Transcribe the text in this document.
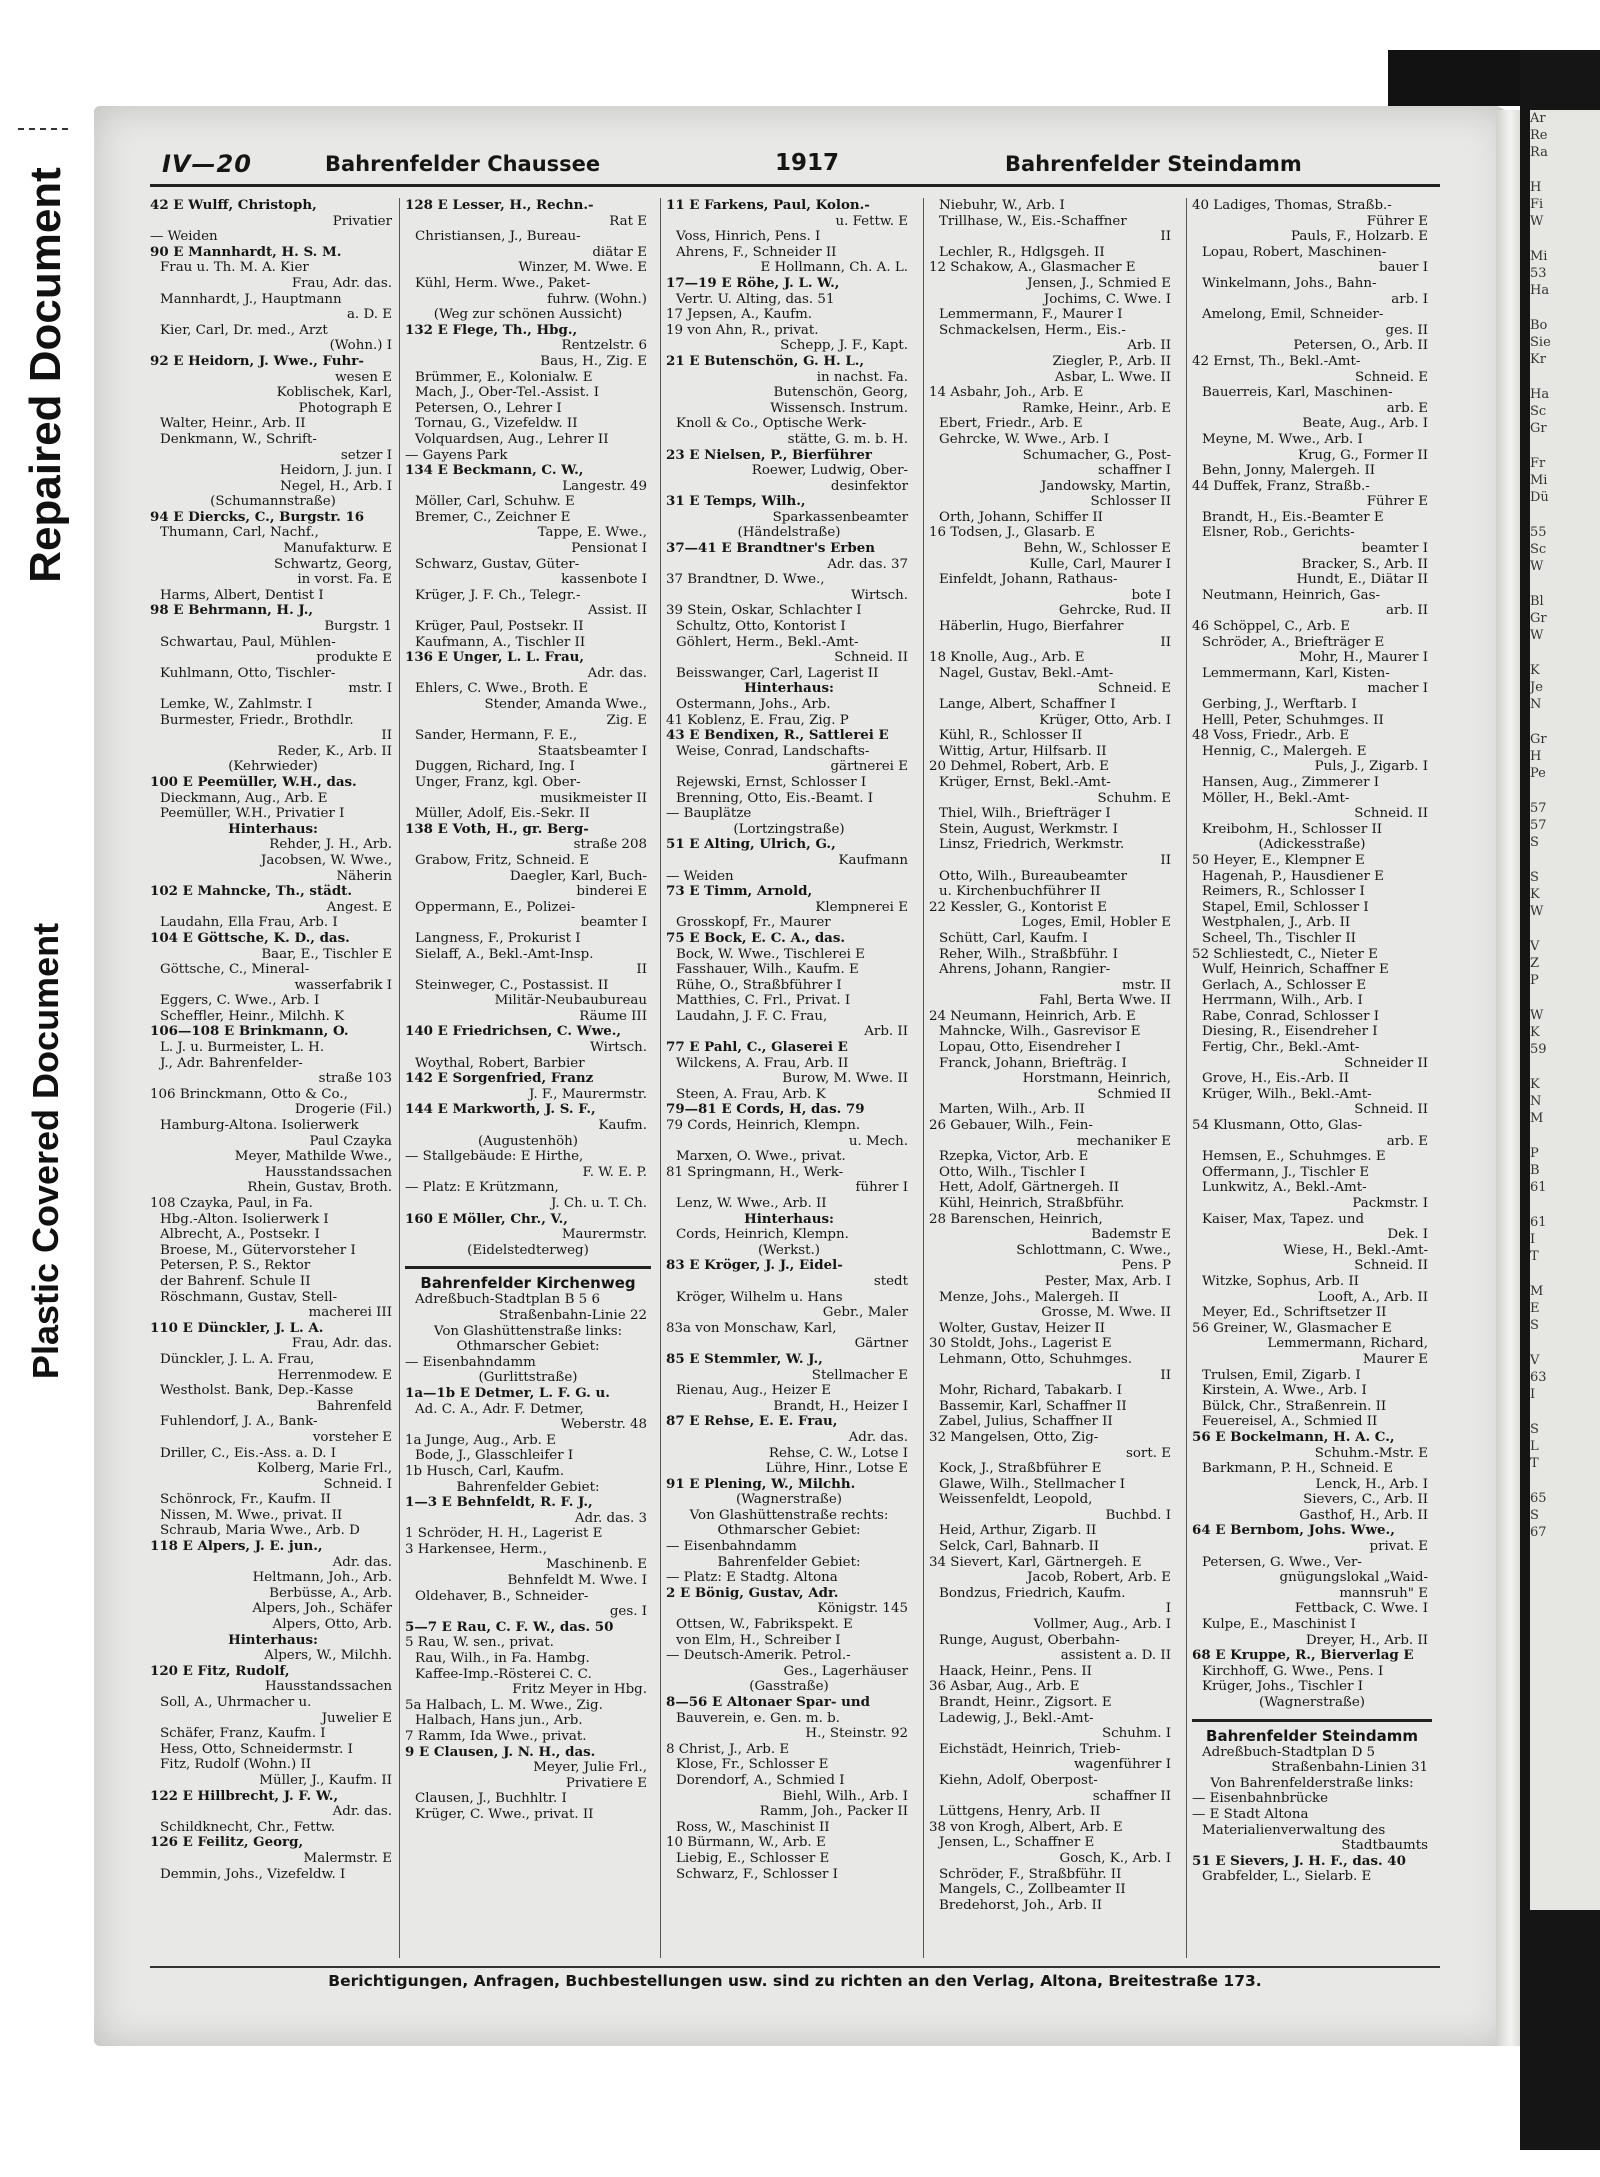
Repaired Document
Plastic Covered Document
Ar
Re
Ra
H
Fi
W
Mi
53
Ha
Bo
Sie
Kr
Ha
Sc
Gr
Fr
Mi
Dü
55
Sc
W
Bl
Gr
W
K
Je
N
Gr
H
Pe
57
57
S
S
K
W
V
Z
P
W
K
59
K
N
M
P
B
61
61
I
T
M
E
S
V
63
I
S
L
T
65
S
67
IV—20	Bahrenfelder Chaussee	1917	Bahrenfelder Steindamm
42 E Wulff, Christoph,
Privatier
— Weiden
90 E Mannhardt, H. S. M.
Frau u. Th. M. A. Kier
Frau, Adr. das.
Mannhardt, J., Hauptmann
a. D. E
Kier, Carl, Dr. med., Arzt
(Wohn.) I
92 E Heidorn, J. Wwe., Fuhr-
wesen E
Koblischek, Karl,
Photograph E
Walter, Heinr., Arb. II
Denkmann, W., Schrift-
setzer I
Heidorn, J. jun. I
Negel, H., Arb. I
(Schumannstraße)
94 E Diercks, C., Burgstr. 16
Thumann, Carl, Nachf.,
Manufakturw. E
Schwartz, Georg,
in vorst. Fa. E
Harms, Albert, Dentist I
98 E Behrmann, H. J.,
Burgstr. 1
Schwartau, Paul, Mühlen-
produkte E
Kuhlmann, Otto, Tischler-
mstr. I
Lemke, W., Zahlmstr. I
Burmester, Friedr., Brothdlr.
II
Reder, K., Arb. II
(Kehrwieder)
100 E Peemüller, W.H., das.
Dieckmann, Aug., Arb. E
Peemüller, W.H., Privatier I
Hinterhaus:
Rehder, J. H., Arb.
Jacobsen, W. Wwe.,
Näherin
102 E Mahncke, Th., städt.
Angest. E
Laudahn, Ella Frau, Arb. I
104 E Göttsche, K. D., das.
Baar, E., Tischler E
Göttsche, C., Mineral-
wasserfabrik I
Eggers, C. Wwe., Arb. I
Scheffler, Heinr., Milchh. K
106—108 E Brinkmann, O.
L. J. u. Burmeister, L. H.
J., Adr. Bahrenfelder-
straße 103
106 Brinckmann, Otto & Co.,
Drogerie (Fil.)
Hamburg-Altona. Isolierwerk
Paul Czayka
Meyer, Mathilde Wwe.,
Hausstandssachen
Rhein, Gustav, Broth.
108 Czayka, Paul, in Fa.
Hbg.-Alton. Isolierwerk I
Albrecht, A., Postsekr. I
Broese, M., Gütervorsteher I
Petersen, P. S., Rektor
der Bahrenf. Schule II
Röschmann, Gustav, Stell-
macherei III
110 E Dünckler, J. L. A.
Frau, Adr. das.
Dünckler, J. L. A. Frau,
Herrenmodew. E
Westholst. Bank, Dep.-Kasse
Bahrenfeld
Fuhlendorf, J. A., Bank-
vorsteher E
Driller, C., Eis.-Ass. a. D. I
Kolberg, Marie Frl.,
Schneid. I
Schönrock, Fr., Kaufm. II
Nissen, M. Wwe., privat. II
Schraub, Maria Wwe., Arb. D
118 E Alpers, J. E. jun.,
Adr. das.
Heltmann, Joh., Arb.
Berbüsse, A., Arb.
Alpers, Joh., Schäfer
Alpers, Otto, Arb.
Hinterhaus:
Alpers, W., Milchh.
120 E Fitz, Rudolf,
Hausstandssachen
Soll, A., Uhrmacher u.
Juwelier E
Schäfer, Franz, Kaufm. I
Hess, Otto, Schneidermstr. I
Fitz, Rudolf (Wohn.) II
Müller, J., Kaufm. II
122 E Hillbrecht, J. F. W.,
Adr. das.
Schildknecht, Chr., Fettw.
126 E Feilitz, Georg,
Malermstr. E
Demmin, Johs., Vizefeldw. I
128 E Lesser, H., Rechn.-
Rat E
Christiansen, J., Bureau-
diätar E
Winzer, M. Wwe. E
Kühl, Herm. Wwe., Paket-
fuhrw. (Wohn.)
(Weg zur schönen Aussicht)
132 E Flege, Th., Hbg.,
Rentzelstr. 6
Baus, H., Zig. E
Brümmer, E., Kolonialw. E
Mach, J., Ober-Tel.-Assist. I
Petersen, O., Lehrer I
Tornau, G., Vizefeldw. II
Volquardsen, Aug., Lehrer II
— Gayens Park
134 E Beckmann, C. W.,
Langestr. 49
Möller, Carl, Schuhw. E
Bremer, C., Zeichner E
Tappe, E. Wwe.,
Pensionat I
Schwarz, Gustav, Güter-
kassenbote I
Krüger, J. F. Ch., Telegr.-
Assist. II
Krüger, Paul, Postsekr. II
Kaufmann, A., Tischler II
136 E Unger, L. L. Frau,
Adr. das.
Ehlers, C. Wwe., Broth. E
Stender, Amanda Wwe.,
Zig. E
Sander, Hermann, F. E.,
Staatsbeamter I
Duggen, Richard, Ing. I
Unger, Franz, kgl. Ober-
musikmeister II
Müller, Adolf, Eis.-Sekr. II
138 E Voth, H., gr. Berg-
straße 208
Grabow, Fritz, Schneid. E
Daegler, Karl, Buch-
binderei E
Oppermann, E., Polizei-
beamter I
Langness, F., Prokurist I
Sielaff, A., Bekl.-Amt-Insp.
II
Steinweger, C., Postassist. II
Militär-Neubaubureau
Räume III
140 E Friedrichsen, C. Wwe.,
Wirtsch.
Woythal, Robert, Barbier
142 E Sorgenfried, Franz
J. F., Maurermstr.
144 E Markworth, J. S. F.,
Kaufm.
(Augustenhöh)
— Stallgebäude: E Hirthe,
F. W. E. P.
— Platz: E Krützmann,
J. Ch. u. T. Ch.
160 E Möller, Chr., V.,
Maurermstr.
(Eidelstedterweg)
Bahrenfelder Kirchenweg
Adreßbuch-Stadtplan B 5 6
Straßenbahn-Linie 22
Von Glashüttenstraße links:
Othmarscher Gebiet:
— Eisenbahndamm
(Gurlittstraße)
1a—1b E Detmer, L. F. G. u.
Ad. C. A., Adr. F. Detmer,
Weberstr. 48
1a Junge, Aug., Arb. E
Bode, J., Glasschleifer I
1b Husch, Carl, Kaufm.
Bahrenfelder Gebiet:
1—3 E Behnfeldt, R. F. J.,
Adr. das. 3
1 Schröder, H. H., Lagerist E
3 Harkensee, Herm.,
Maschinenb. E
Behnfeldt M. Wwe. I
Oldehaver, B., Schneider-
ges. I
5—7 E Rau, C. F. W., das. 50
5 Rau, W. sen., privat.
Rau, Wilh., in Fa. Hambg.
Kaffee-Imp.-Rösterei C. C.
Fritz Meyer in Hbg.
5a Halbach, L. M. Wwe., Zig.
Halbach, Hans jun., Arb.
7 Ramm, Ida Wwe., privat.
9 E Clausen, J. N. H., das.
Meyer, Julie Frl.,
Privatiere E
Clausen, J., Buchhltr. I
Krüger, C. Wwe., privat. II
11 E Farkens, Paul, Kolon.-
u. Fettw. E
Voss, Hinrich, Pens. I
Ahrens, F., Schneider II
E Hollmann, Ch. A. L.
17—19 E Röhe, J. L. W.,
Vertr. U. Alting, das. 51
17 Jepsen, A., Kaufm.
19 von Ahn, R., privat.
Schepp, J. F., Kapt.
21 E Butenschön, G. H. L.,
in nachst. Fa.
Butenschön, Georg,
Wissensch. Instrum.
Knoll & Co., Optische Werk-
stätte, G. m. b. H.
23 E Nielsen, P., Bierführer
Roewer, Ludwig, Ober-
desinfektor
31 E Temps, Wilh.,
Sparkassenbeamter
(Händelstraße)
37—41 E Brandtner's Erben
Adr. das. 37
37 Brandtner, D. Wwe.,
Wirtsch.
39 Stein, Oskar, Schlachter I
Schultz, Otto, Kontorist I
Göhlert, Herm., Bekl.-Amt-
Schneid. II
Beisswanger, Carl, Lagerist II
Hinterhaus:
Ostermann, Johs., Arb.
41 Koblenz, E. Frau, Zig. P
43 E Bendixen, R., Sattlerei E
Weise, Conrad, Landschafts-
gärtnerei E
Rejewski, Ernst, Schlosser I
Brenning, Otto, Eis.-Beamt. I
— Bauplätze
(Lortzingstraße)
51 E Alting, Ulrich, G.,
Kaufmann
— Weiden
73 E Timm, Arnold,
Klempnerei E
Grosskopf, Fr., Maurer
75 E Bock, E. C. A., das.
Bock, W. Wwe., Tischlerei E
Fasshauer, Wilh., Kaufm. E
Rühe, O., Straßbführer I
Matthies, C. Frl., Privat. I
Laudahn, J. F. C. Frau,
Arb. II
77 E Pahl, C., Glaserei E
Wilckens, A. Frau, Arb. II
Burow, M. Wwe. II
Steen, A. Frau, Arb. K
79—81 E Cords, H, das. 79
79 Cords, Heinrich, Klempn.
u. Mech.
Marxen, O. Wwe., privat.
81 Springmann, H., Werk-
führer I
Lenz, W. Wwe., Arb. II
Hinterhaus:
Cords, Heinrich, Klempn.
(Werkst.)
83 E Kröger, J. J., Eidel-
stedt
Kröger, Wilhelm u. Hans
Gebr., Maler
83a von Monschaw, Karl,
Gärtner
85 E Stemmler, W. J.,
Stellmacher E
Rienau, Aug., Heizer E
Brandt, H., Heizer I
87 E Rehse, E. E. Frau,
Adr. das.
Rehse, C. W., Lotse I
Lühre, Hinr., Lotse E
91 E Plening, W., Milchh.
(Wagnerstraße)
Von Glashüttenstraße rechts:
Othmarscher Gebiet:
— Eisenbahndamm
Bahrenfelder Gebiet:
— Platz: E Stadtg. Altona
2 E Bönig, Gustav, Adr.
Königstr. 145
Ottsen, W., Fabrikspekt. E
von Elm, H., Schreiber I
— Deutsch-Amerik. Petrol.-
Ges., Lagerhäuser
(Gasstraße)
8—56 E Altonaer Spar- und
Bauverein, e. Gen. m. b.
H., Steinstr. 92
8 Christ, J., Arb. E
Klose, Fr., Schlosser E
Dorendorf, A., Schmied I
Biehl, Wilh., Arb. I
Ramm, Joh., Packer II
Ross, W., Maschinist II
10 Bürmann, W., Arb. E
Liebig, E., Schlosser E
Schwarz, F., Schlosser I
Niebuhr, W., Arb. I
Trillhase, W., Eis.-Schaffner
II
Lechler, R., Hdlgsgeh. II
12 Schakow, A., Glasmacher E
Jensen, J., Schmied E
Jochims, C. Wwe. I
Lemmermann, F., Maurer I
Schmackelsen, Herm., Eis.-
Arb. II
Ziegler, P., Arb. II
Asbar, L. Wwe. II
14 Asbahr, Joh., Arb. E
Ramke, Heinr., Arb. E
Ebert, Friedr., Arb. E
Gehrcke, W. Wwe., Arb. I
Schumacher, G., Post-
schaffner I
Jandowsky, Martin,
Schlosser II
Orth, Johann, Schiffer II
16 Todsen, J., Glasarb. E
Behn, W., Schlosser E
Kulle, Carl, Maurer I
Einfeldt, Johann, Rathaus-
bote I
Gehrcke, Rud. II
Häberlin, Hugo, Bierfahrer
II
18 Knolle, Aug., Arb. E
Nagel, Gustav, Bekl.-Amt-
Schneid. E
Lange, Albert, Schaffner I
Krüger, Otto, Arb. I
Kühl, R., Schlosser II
Wittig, Artur, Hilfsarb. II
20 Dehmel, Robert, Arb. E
Krüger, Ernst, Bekl.-Amt-
Schuhm. E
Thiel, Wilh., Briefträger I
Stein, August, Werkmstr. I
Linsz, Friedrich, Werkmstr.
II
Otto, Wilh., Bureaubeamter
u. Kirchenbuchführer II
22 Kessler, G., Kontorist E
Loges, Emil, Hobler E
Schütt, Carl, Kaufm. I
Reher, Wilh., Straßbführ. I
Ahrens, Johann, Rangier-
mstr. II
Fahl, Berta Wwe. II
24 Neumann, Heinrich, Arb. E
Mahncke, Wilh., Gasrevisor E
Lopau, Otto, Eisendreher I
Franck, Johann, Briefträg. I
Horstmann, Heinrich,
Schmied II
Marten, Wilh., Arb. II
26 Gebauer, Wilh., Fein-
mechaniker E
Rzepka, Victor, Arb. E
Otto, Wilh., Tischler I
Hett, Adolf, Gärtnergeh. II
Kühl, Heinrich, Straßbführ.
28 Barenschen, Heinrich,
Bademstr E
Schlottmann, C. Wwe.,
Pens. P
Pester, Max, Arb. I
Menze, Johs., Malergeh. II
Grosse, M. Wwe. II
Wolter, Gustav, Heizer II
30 Stoldt, Johs., Lagerist E
Lehmann, Otto, Schuhmges.
II
Mohr, Richard, Tabakarb. I
Bassemir, Karl, Schaffner II
Zabel, Julius, Schaffner II
32 Mangelsen, Otto, Zig-
sort. E
Kock, J., Straßbführer E
Glawe, Wilh., Stellmacher I
Weissenfeldt, Leopold,
Buchbd. I
Heid, Arthur, Zigarb. II
Selck, Carl, Bahnarb. II
34 Sievert, Karl, Gärtnergeh. E
Jacob, Robert, Arb. E
Bondzus, Friedrich, Kaufm.
I
Vollmer, Aug., Arb. I
Runge, August, Oberbahn-
assistent a. D. II
Haack, Heinr., Pens. II
36 Asbar, Aug., Arb. E
Brandt, Heinr., Zigsort. E
Ladewig, J., Bekl.-Amt-
Schuhm. I
Eichstädt, Heinrich, Trieb-
wagenführer I
Kiehn, Adolf, Oberpost-
schaffner II
Lüttgens, Henry, Arb. II
38 von Krogh, Albert, Arb. E
Jensen, L., Schaffner E
Gosch, K., Arb. I
Schröder, F., Straßbführ. II
Mangels, C., Zollbeamter II
Bredehorst, Joh., Arb. II
40 Ladiges, Thomas, Straßb.-
Führer E
Pauls, F., Holzarb. E
Lopau, Robert, Maschinen-
bauer I
Winkelmann, Johs., Bahn-
arb. I
Amelong, Emil, Schneider-
ges. II
Petersen, O., Arb. II
42 Ernst, Th., Bekl.-Amt-
Schneid. E
Bauerreis, Karl, Maschinen-
arb. E
Beate, Aug., Arb. I
Meyne, M. Wwe., Arb. I
Krug, G., Former II
Behn, Jonny, Malergeh. II
44 Duffek, Franz, Straßb.-
Führer E
Brandt, H., Eis.-Beamter E
Elsner, Rob., Gerichts-
beamter I
Bracker, S., Arb. II
Hundt, E., Diätar II
Neutmann, Heinrich, Gas-
arb. II
46 Schöppel, C., Arb. E
Schröder, A., Briefträger E
Mohr, H., Maurer I
Lemmermann, Karl, Kisten-
macher I
Gerbing, J., Werftarb. I
Helll, Peter, Schuhmges. II
48 Voss, Friedr., Arb. E
Hennig, C., Malergeh. E
Puls, J., Zigarb. I
Hansen, Aug., Zimmerer I
Möller, H., Bekl.-Amt-
Schneid. II
Kreibohm, H., Schlosser II
(Adickesstraße)
50 Heyer, E., Klempner E
Hagenah, P., Hausdiener E
Reimers, R., Schlosser I
Stapel, Emil, Schlosser I
Westphalen, J., Arb. II
Scheel, Th., Tischler II
52 Schliestedt, C., Nieter E
Wulf, Heinrich, Schaffner E
Gerlach, A., Schlosser E
Herrmann, Wilh., Arb. I
Rabe, Conrad, Schlosser I
Diesing, R., Eisendreher I
Fertig, Chr., Bekl.-Amt-
Schneider II
Grove, H., Eis.-Arb. II
Krüger, Wilh., Bekl.-Amt-
Schneid. II
54 Klusmann, Otto, Glas-
arb. E
Hemsen, E., Schuhmges. E
Offermann, J., Tischler E
Lunkwitz, A., Bekl.-Amt-
Packmstr. I
Kaiser, Max, Tapez. und
Dek. I
Wiese, H., Bekl.-Amt-
Schneid. II
Witzke, Sophus, Arb. II
Looft, A., Arb. II
Meyer, Ed., Schriftsetzer II
56 Greiner, W., Glasmacher E
Lemmermann, Richard,
Maurer E
Trulsen, Emil, Zigarb. I
Kirstein, A. Wwe., Arb. I
Bülck, Chr., Straßenrein. II
Feuereisel, A., Schmied II
56 E Bockelmann, H. A. C.,
Schuhm.-Mstr. E
Barkmann, P. H., Schneid. E
Lenck, H., Arb. I
Sievers, C., Arb. II
Gasthof, H., Arb. II
64 E Bernbom, Johs. Wwe.,
privat. E
Petersen, G. Wwe., Ver-
gnügungslokal „Waid-
mannsruh" E
Fettback, C. Wwe. I
Kulpe, E., Maschinist I
Dreyer, H., Arb. II
68 E Kruppe, R., Bierverlag E
Kirchhoff, G. Wwe., Pens. I
Krüger, Johs., Tischler I
(Wagnerstraße)
Bahrenfelder Steindamm
Adreßbuch-Stadtplan D 5
Straßenbahn-Linien 31
Von Bahrenfelderstraße links:
— Eisenbahnbrücke
— E Stadt Altona
Materialienverwaltung des
Stadtbaumts
51 E Sievers, J. H. F., das. 40
Grabfelder, L., Sielarb. E
Berichtigungen, Anfragen, Buchbestellungen usw. sind zu richten an den Verlag, Altona, Breitestraße 173.
